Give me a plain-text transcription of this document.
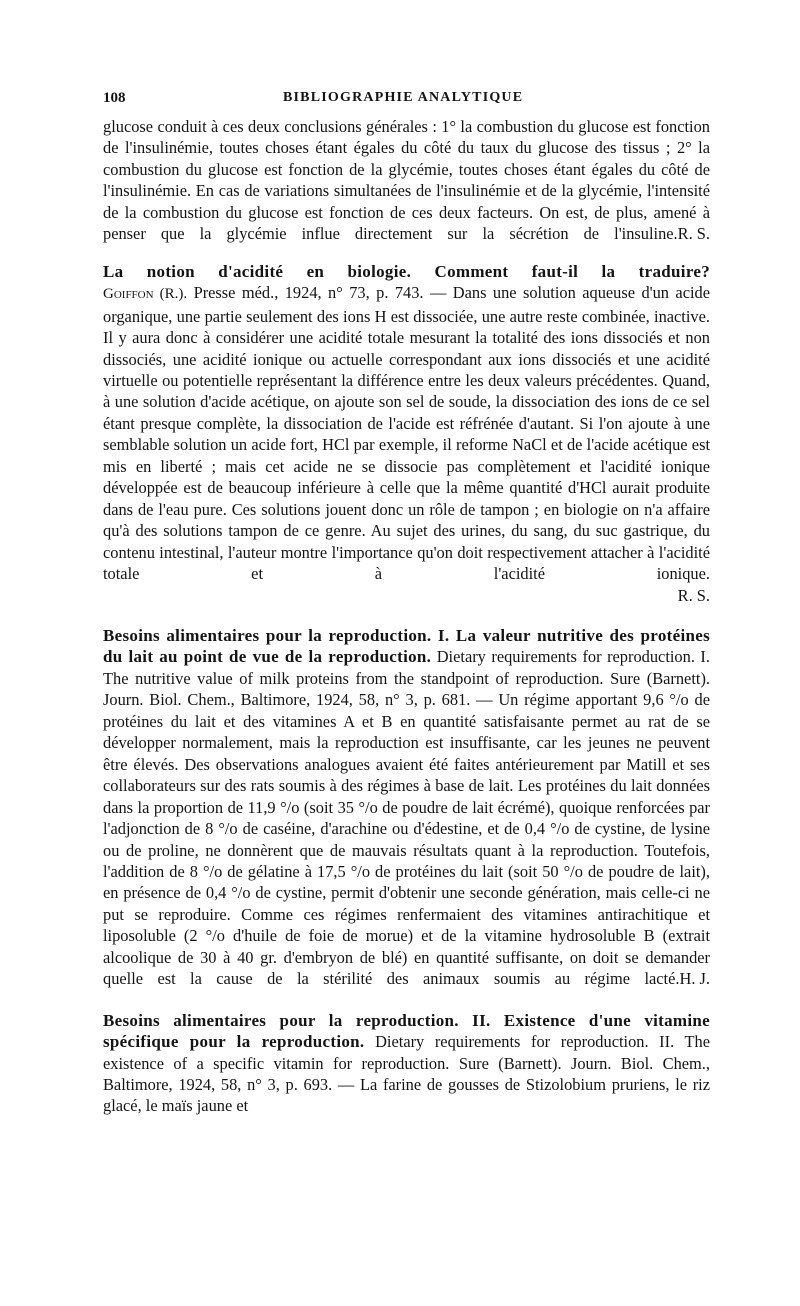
108	BIBLIOGRAPHIE ANALYTIQUE

glucose conduit à ces deux conclusions générales : 1° la combustion du glucose est fonction de l'insulinémie, toutes choses étant égales du côté du taux du glucose des tissus ; 2° la combustion du glucose est fonction de la glycémie, toutes choses étant égales du côté de l'insulinémie. En cas de variations simultanées de l'insulinémie et de la glycémie, l'intensité de la combustion du glucose est fonction de ces deux facteurs. On est, de plus, amené à penser que la glycémie influe directement sur la sécrétion de l'insuline. R. S.

La notion d'acidité en biologie. Comment faut-il la traduire?
Goiffon (R.). Presse méd., 1924, n° 73, p. 743. — Dans une solution aqueuse d'un acide organique, une partie seulement des ions H est dissociée, une autre reste combinée, inactive. Il y aura donc à considérer une acidité totale mesurant la totalité des ions dissociés et non dissociés, une acidité ionique ou actuelle correspondant aux ions dissociés et une acidité virtuelle ou potentielle représentant la différence entre les deux valeurs précédentes. Quand, à une solution d'acide acétique, on ajoute son sel de soude, la dissociation des ions de ce sel étant presque complète, la dissociation de l'acide est réfrénée d'autant. Si l'on ajoute à une semblable solution un acide fort, HCl par exemple, il reforme NaCl et de l'acide acétique est mis en liberté ; mais cet acide ne se dissocie pas complètement et l'acidité ionique développée est de beaucoup inférieure à celle que la même quantité d'HCl aurait produite dans de l'eau pure. Ces solutions jouent donc un rôle de tampon ; en biologie on n'a affaire qu'à des solutions tampon de ce genre. Au sujet des urines, du sang, du suc gastrique, du contenu intestinal, l'auteur montre l'importance qu'on doit respectivement attacher à l'acidité totale et à l'acidité ionique.

R. S.

Besoins alimentaires pour la reproduction. I. La valeur nutritive des protéines du lait au point de vue de la reproduction. Dietary requirements for reproduction. I. The nutritive value of milk proteins from the standpoint of reproduction. Sure (Barnett). Journ. Biol. Chem., Baltimore, 1924, 58, n° 3, p. 681. — Un régime apportant 9,6 °/o de protéines du lait et des vitamines A et B en quantité satisfaisante permet au rat de se développer normalement, mais la reproduction est insuffisante, car les jeunes ne peuvent être élevés. Des observations analogues avaient été faites antérieurement par Matill et ses collaborateurs sur des rats soumis à des régimes à base de lait. Les protéines du lait données dans la proportion de 11,9 °/o (soit 35 °/o de poudre de lait écrémé), quoique renforcées par l'adjonction de 8 °/o de caséine, d'arachine ou d'édestine, et de 0,4 °/o de cystine, de lysine ou de proline, ne donnèrent que de mauvais résultats quant à la reproduction. Toutefois, l'addition de 8 °/o de gélatine à 17,5 °/o de protéines du lait (soit 50 °/o de poudre de lait), en présence de 0,4 °/o de cystine, permit d'obtenir une seconde génération, mais celle-ci ne put se reproduire. Comme ces régimes renfermaient des vitamines antirachitique et liposoluble (2 °/o d'huile de foie de morue) et de la vitamine hydrosoluble B (extrait alcoolique de 30 à 40 gr. d'embryon de blé) en quantité suffisante, on doit se demander quelle est la cause de la stérilité des animaux soumis au régime lacté. H. J.

Besoins alimentaires pour la reproduction. II. Existence d'une vitamine spécifique pour la reproduction. Dietary requirements for reproduction. II. The existence of a specific vitamin for reproduction. Sure (Barnett). Journ. Biol. Chem., Baltimore, 1924, 58, n° 3, p. 693. — La farine de gousses de Stizolobium pruriens, le riz glacé, le maïs jaune et
